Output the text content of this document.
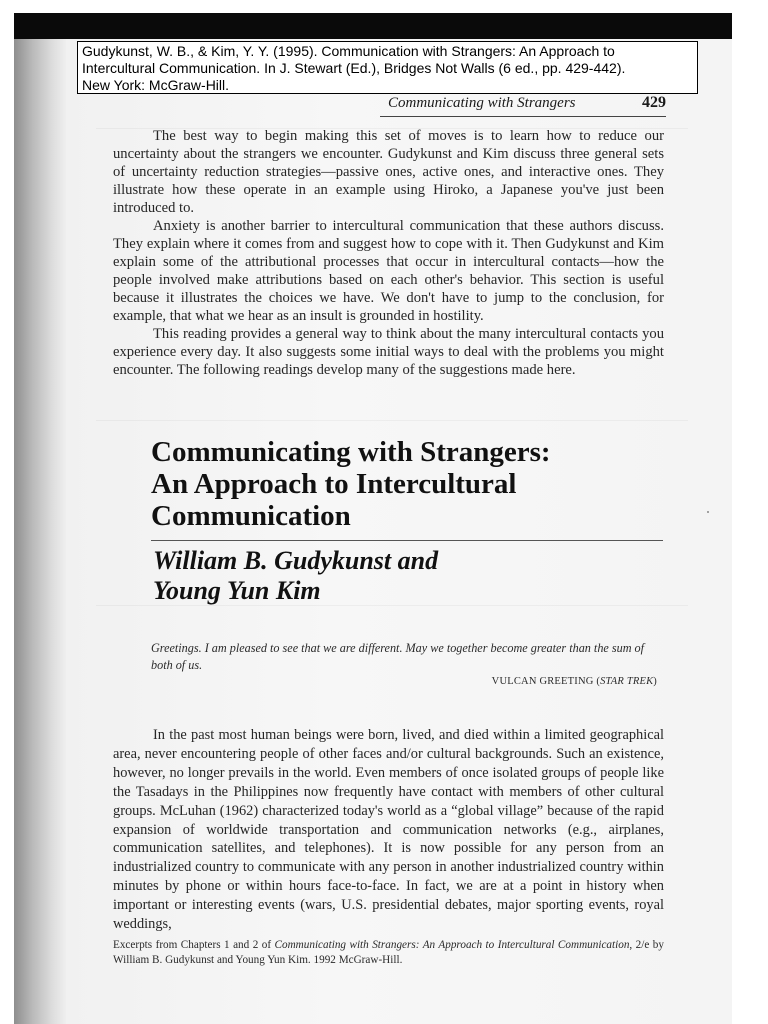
Gudykunst, W. B., & Kim, Y. Y. (1995). Communication with Strangers: An Approach to
Intercultural Communication. In J. Stewart (Ed.), Bridges Not Walls (6 ed., pp. 429-442).
New York: McGraw-Hill.
Communicating with Strangers	429

The best way to begin making this set of moves is to learn how to reduce our uncertainty about the strangers we encounter. Gudykunst and Kim discuss three general sets of uncertainty reduction strategies—passive ones, active ones, and interactive ones. They illustrate how these operate in an example using Hiroko, a Japanese you've just been introduced to.

Anxiety is another barrier to intercultural communication that these authors discuss. They explain where it comes from and suggest how to cope with it. Then Gudykunst and Kim explain some of the attributional processes that occur in intercultural contacts—how the people involved make attributions based on each other's behavior. This section is useful because it illustrates the choices we have. We don't have to jump to the conclusion, for example, that what we hear as an insult is grounded in hostility.

This reading provides a general way to think about the many intercultural contacts you experience every day. It also suggests some initial ways to deal with the problems you might encounter. The following readings develop many of the suggestions made here.

Communicating with Strangers:
An Approach to Intercultural
Communication
William B. Gudykunst and
Young Yun Kim

Greetings. I am pleased to see that we are different. May we together become greater than the sum of both of us.

VULCAN GREETING (STAR TREK)

In the past most human beings were born, lived, and died within a limited geographical area, never encountering people of other faces and/or cultural backgrounds. Such an existence, however, no longer prevails in the world. Even members of once isolated groups of people like the Tasadays in the Philippines now frequently have contact with members of other cultural groups. McLuhan (1962) characterized today's world as a “global village” because of the rapid expansion of worldwide transportation and communication networks (e.g., airplanes, communication satellites, and telephones). It is now possible for any person from an industrialized country to communicate with any person in another industrialized country within minutes by phone or within hours face-to-face. In fact, we are at a point in history when important or interesting events (wars, U.S. presidential debates, major sporting events, royal weddings,

Excerpts from Chapters 1 and 2 of Communicating with Strangers: An Approach to Intercultural Communication, 2/e by William B. Gudykunst and Young Yun Kim. 1992 McGraw-Hill.
